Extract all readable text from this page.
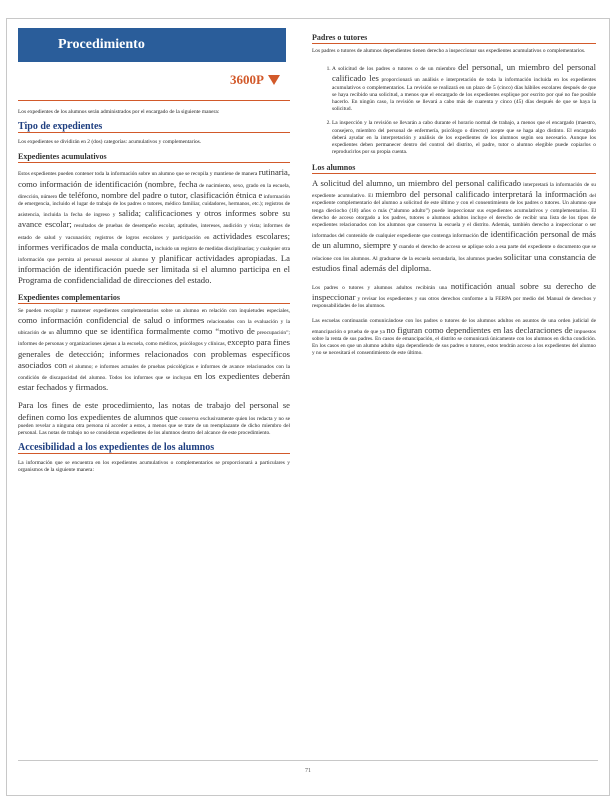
Procedimiento
3600P

Los expedientes de los alumnos serán administrados por el encargado de la siguiente manera:

Tipo de expedientes

Los expedientes se dividirán en 2 (dos) categorías: acumulativos y complementarios.

Expedientes acumulativos

Estos expedientes pueden contener toda la información sobre un alumno que se recopila y mantiene de manera rutinaria, como información de identificación (nombre, fecha de nacimiento, sexo, grado en la escuela, dirección, número de teléfono, nombre del padre o tutor, clasificación étnica e información de emergencia, incluido el lugar de trabajo de los padres o tutores, médico familiar, cuidadores, hermanos, etc.); registros de asistencia, incluida la fecha de ingreso y salida; calificaciones y otros informes sobre su avance escolar; resultados de pruebas de desempeño escolar, aptitudes, intereses, audición y vista; informes de estado de salud y vacunación; registros de logros escolares y participación en actividades escolares; informes verificados de mala conducta, incluido un registro de medidas disciplinarias; y cualquier otra información que permita al personal asesorar al alumno y planificar actividades apropiadas. La información de identificación puede ser limitada si el alumno participa en el Programa de confidencialidad de direcciones del estado.

Expedientes complementarios

Se pueden recopilar y mantener expedientes complementarios sobre un alumno en relación con inquietudes especiales, como información confidencial de salud o informes relacionados con la evaluación y la ubicación de un alumno que se identifica formalmente como “motivo de preocupación”; informes de personas y organizaciones ajenas a la escuela, como médicos, psicólogos y clínicas, excepto para fines generales de detección; informes relacionados con problemas específicos asociados con el alumno; e informes actuales de pruebas psicológicas e informes de avance relacionados con la condición de discapacidad del alumno. Todos los informes que se incluyan en los expedientes deberán estar fechados y firmados.

Para los fines de este procedimiento, las notas de trabajo del personal se definen como los expedientes de alumnos que conserva exclusivamente quien los redacta y no se pueden revelar a ninguna otra persona ni acceder a estos, a menos que se trate de un reemplazante de dicho miembro del personal. Las notas de trabajo no se consideran expedientes de los alumnos dentro del alcance de este procedimiento.

Accesibilidad a los expedientes de los alumnos

La información que se encuentra en los expedientes acumulativos o complementarios se proporcionará a particulares y organismos de la siguiente manera:

Padres o tutores

Los padres o tutores de alumnos dependientes tienen derecho a inspeccionar sus expedientes acumulativos o complementarios.

1. A solicitud de los padres o tutores o de un miembro del personal, un miembro del personal calificado les proporcionará un análisis e interpretación de toda la información incluida en los expedientes acumulativos o complementarios. La revisión se realizará en un plazo de 5 (cinco) días hábiles escolares después de que se haya recibido una solicitud, a menos que el encargado de los expedientes explique por escrito por qué no fue posible hacerlo. En ningún caso, la revisión se llevará a cabo más de cuarenta y cinco (45) días después de que se haya la solicitud.
2. La inspección y la revisión se llevarán a cabo durante el horario normal de trabajo, a menos que el encargado (maestro, consejero, miembro del personal de enfermería, psicólogo o director) acepte que se haga algo distinto. El encargado deberá ayudar en la interpretación y análisis de los expedientes de los alumnos según sea necesario. Aunque los expedientes deben permanecer dentro del control del distrito, el padre, tutor o alumno elegible puede copiarlos o reproducirlos por su propia cuenta.
Los alumnos

A solicitud del alumno, un miembro del personal calificado interpretará la información de su expediente acumulativo. El miembro del personal calificado interpretará la información del expediente complementario del alumno a solicitud de este último y con el consentimiento de los padres o tutores. Un alumno que tenga dieciocho (18) años o más (“alumno adulto”) puede inspeccionar sus expedientes acumulativos y complementarios. El derecho de acceso otorgado a los padres, tutores o alumnos adultos incluye el derecho de recibir una lista de los tipos de expedientes relacionados con los alumnos que conserva la escuela y el distrito. Además, también derecho a inspeccionar o ser informados del contenido de cualquier expediente que contenga información de identificación personal de más de un alumno, siempre y cuando el derecho de acceso se aplique solo a esa parte del expediente o documento que se relacione con los alumnos. Al graduarse de la escuela secundaria, los alumnos pueden solicitar una constancia de estudios final además del diploma.

Los padres o tutores y alumnos adultos recibirán una notificación anual sobre su derecho de inspeccionar y revisar los expedientes y sus otros derechos conforme a la FERPA por medio del Manual de derechos y responsabilidades de los alumnos.

Las escuelas continuarán comunicándose con los padres o tutores de los alumnos adultos en asuntos de una orden judicial de emancipación o prueba de que ya no figuran como dependientes en las declaraciones de impuestos sobre la renta de sus padres. En casos de emancipación, el distrito se comunicará únicamente con los alumnos en dicha condición. En los casos en que un alumno adulto siga dependiendo de sus padres o tutores, estos tendrán acceso a los expedientes del alumno y no se necesitará el consentimiento de este último.

71
